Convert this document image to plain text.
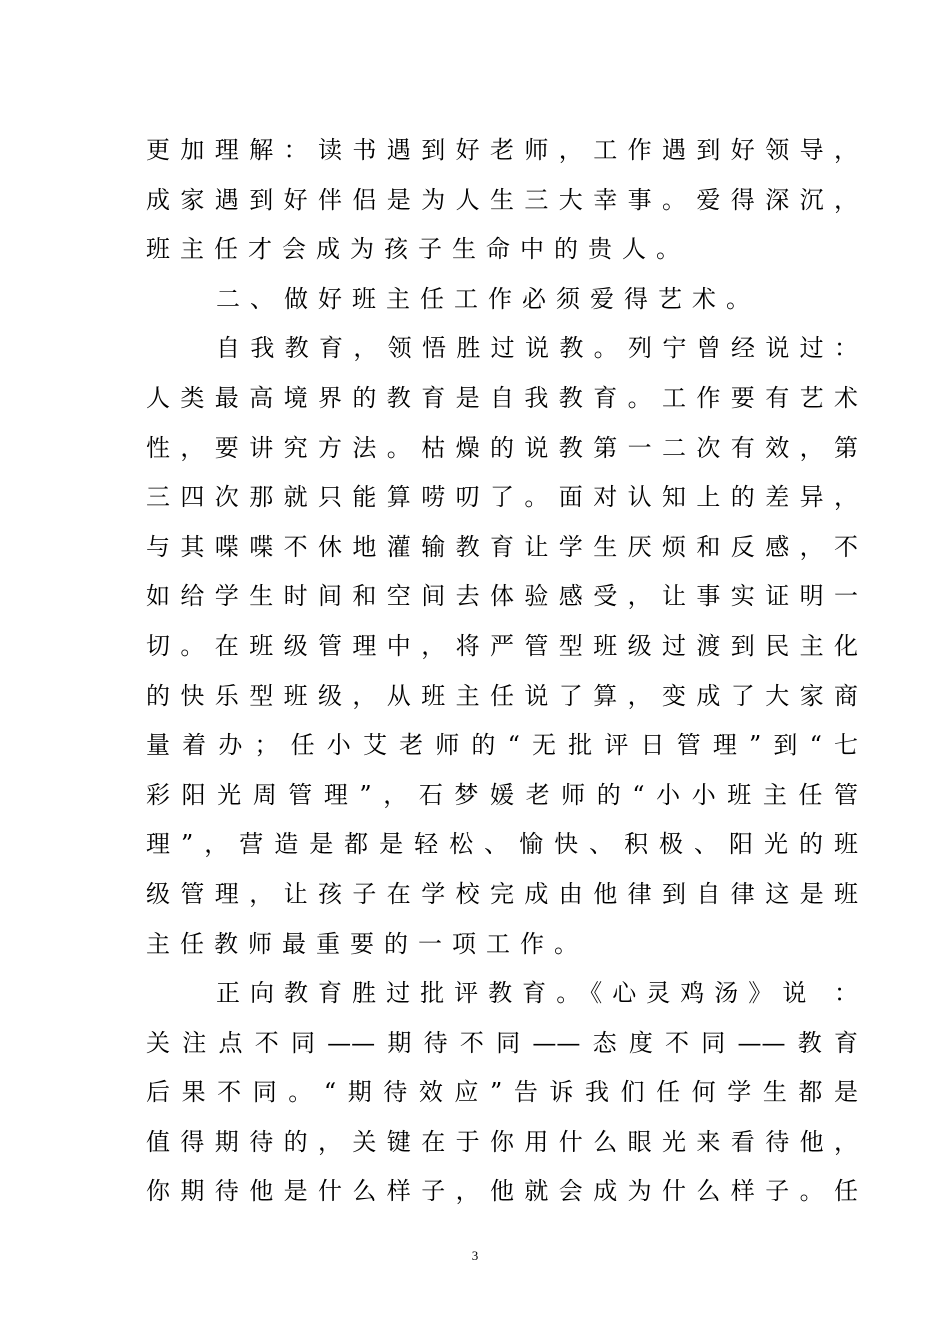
更加理解：读书遇到好老师，工作遇到好领导，
成家遇到好伴侣是为人生三大幸事。爱得深沉，
班主任才会成为孩子生命中的贵人。
二、做好班主任工作必须爱得艺术。
自我教育，领悟胜过说教。列宁曾经说过：
人类最高境界的教育是自我教育。工作要有艺术
性，要讲究方法。枯燥的说教第一二次有效，第
三四次那就只能算唠叨了。面对认知上的差异，
与其喋喋不休地灌输教育让学生厌烦和反感，不
如给学生时间和空间去体验感受，让事实证明一
切。在班级管理中，将严管型班级过渡到民主化
的快乐型班级，从班主任说了算，变成了大家商
量着办；任小艾老师的“无批评日管理”到“七
彩阳光周管理”，石梦媛老师的“小小班主任管
理”，营造是都是轻松、愉快、积极、阳光的班
级管理，让孩子在学校完成由他律到自律这是班
主任教师最重要的一项工作。
正向教育胜过批评教育。《心灵鸡汤》说 ：
关注点不同——期待不同——态度不同——教育
后果不同。“期待效应”告诉我们任何学生都是
值得期待的，关键在于你用什么眼光来看待他，
你期待他是什么样子，他就会成为什么样子。任
3
